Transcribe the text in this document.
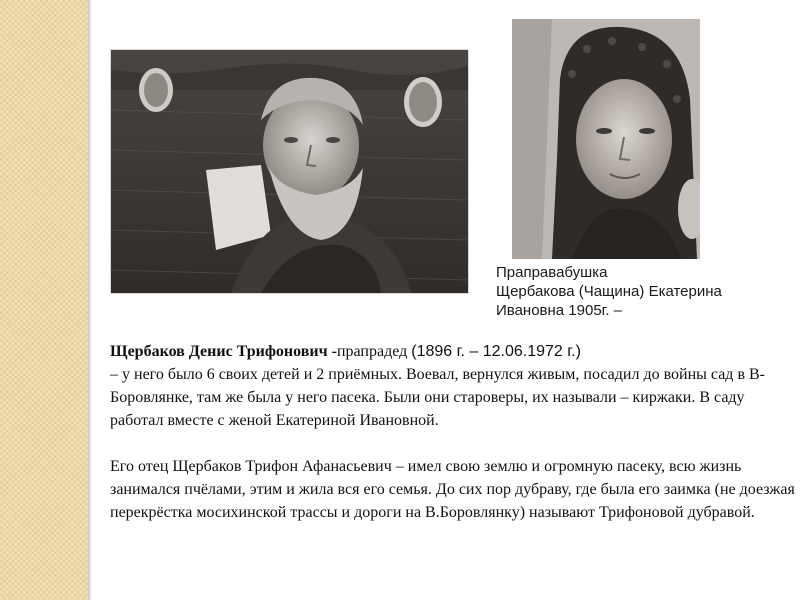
Праправабушка
Щербакова (Чащина) Екатерина
Ивановна 1905г. –

Щербаков Денис Трифонович -прапрадед (1896 г. – 12.06.1972 г.)
– у него было 6 своих детей и 2 приёмных. Воевал, вернулся живым, посадил до войны сад в В-Боровлянке, там же была у него пасека. Были они староверы, их называли – киржаки. В саду работал вместе с женой Екатериной Ивановной.

Его отец Щербаков Трифон Афанасьевич – имел свою землю и огромную пасеку, всю жизнь занимался пчёлами, этим и жила вся его семья. До сих пор дубраву, где была его заимка (не доезжая перекрёстка мосихинской трассы и дороги на В.Боровлянку) называют Трифоновой дубравой.
